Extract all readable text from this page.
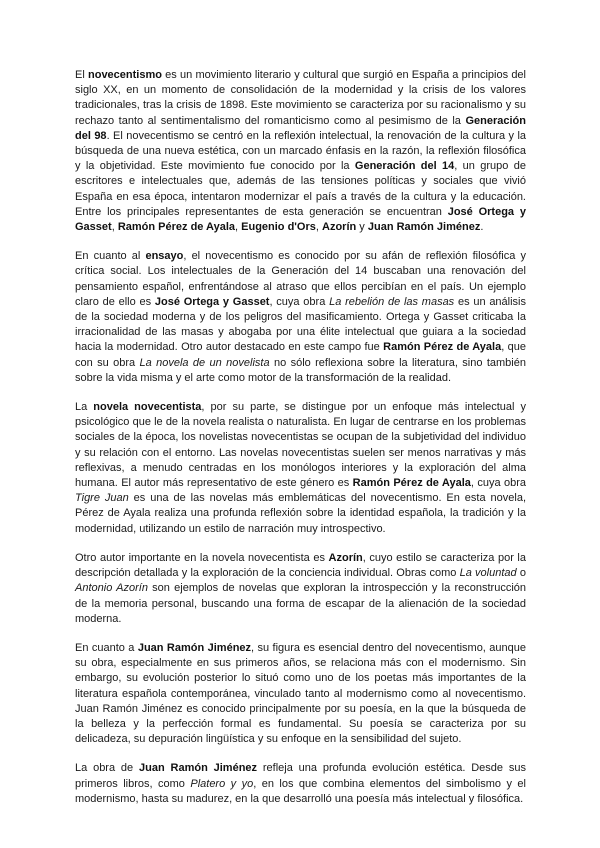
El novecentismo es un movimiento literario y cultural que surgió en España a principios del siglo XX, en un momento de consolidación de la modernidad y la crisis de los valores tradicionales, tras la crisis de 1898. Este movimiento se caracteriza por su racionalismo y su rechazo tanto al sentimentalismo del romanticismo como al pesimismo de la Generación del 98. El novecentismo se centró en la reflexión intelectual, la renovación de la cultura y la búsqueda de una nueva estética, con un marcado énfasis en la razón, la reflexión filosófica y la objetividad. Este movimiento fue conocido por la Generación del 14, un grupo de escritores e intelectuales que, además de las tensiones políticas y sociales que vivió España en esa época, intentaron modernizar el país a través de la cultura y la educación. Entre los principales representantes de esta generación se encuentran José Ortega y Gasset, Ramón Pérez de Ayala, Eugenio d'Ors, Azorín y Juan Ramón Jiménez.

En cuanto al ensayo, el novecentismo es conocido por su afán de reflexión filosófica y crítica social. Los intelectuales de la Generación del 14 buscaban una renovación del pensamiento español, enfrentándose al atraso que ellos percibían en el país. Un ejemplo claro de ello es José Ortega y Gasset, cuya obra La rebelión de las masas es un análisis de la sociedad moderna y de los peligros del masificamiento. Ortega y Gasset criticaba la irracionalidad de las masas y abogaba por una élite intelectual que guiara a la sociedad hacia la modernidad. Otro autor destacado en este campo fue Ramón Pérez de Ayala, que con su obra La novela de un novelista no sólo reflexiona sobre la literatura, sino también sobre la vida misma y el arte como motor de la transformación de la realidad.

La novela novecentista, por su parte, se distingue por un enfoque más intelectual y psicológico que le de la novela realista o naturalista. En lugar de centrarse en los problemas sociales de la época, los novelistas novecentistas se ocupan de la subjetividad del individuo y su relación con el entorno. Las novelas novecentistas suelen ser menos narrativas y más reflexivas, a menudo centradas en los monólogos interiores y la exploración del alma humana. El autor más representativo de este género es Ramón Pérez de Ayala, cuya obra Tigre Juan es una de las novelas más emblemáticas del novecentismo. En esta novela, Pérez de Ayala realiza una profunda reflexión sobre la identidad española, la tradición y la modernidad, utilizando un estilo de narración muy introspectivo.

Otro autor importante en la novela novecentista es Azorín, cuyo estilo se caracteriza por la descripción detallada y la exploración de la conciencia individual. Obras como La voluntad o Antonio Azorín son ejemplos de novelas que exploran la introspección y la reconstrucción de la memoria personal, buscando una forma de escapar de la alienación de la sociedad moderna.

En cuanto a Juan Ramón Jiménez, su figura es esencial dentro del novecentismo, aunque su obra, especialmente en sus primeros años, se relaciona más con el modernismo. Sin embargo, su evolución posterior lo situó como uno de los poetas más importantes de la literatura española contemporánea, vinculado tanto al modernismo como al novecentismo. Juan Ramón Jiménez es conocido principalmente por su poesía, en la que la búsqueda de la belleza y la perfección formal es fundamental. Su poesía se caracteriza por su delicadeza, su depuración lingüística y su enfoque en la sensibilidad del sujeto.

La obra de Juan Ramón Jiménez refleja una profunda evolución estética. Desde sus primeros libros, como Platero y yo, en los que combina elementos del simbolismo y el modernismo, hasta su madurez, en la que desarrolló una poesía más intelectual y filosófica.
